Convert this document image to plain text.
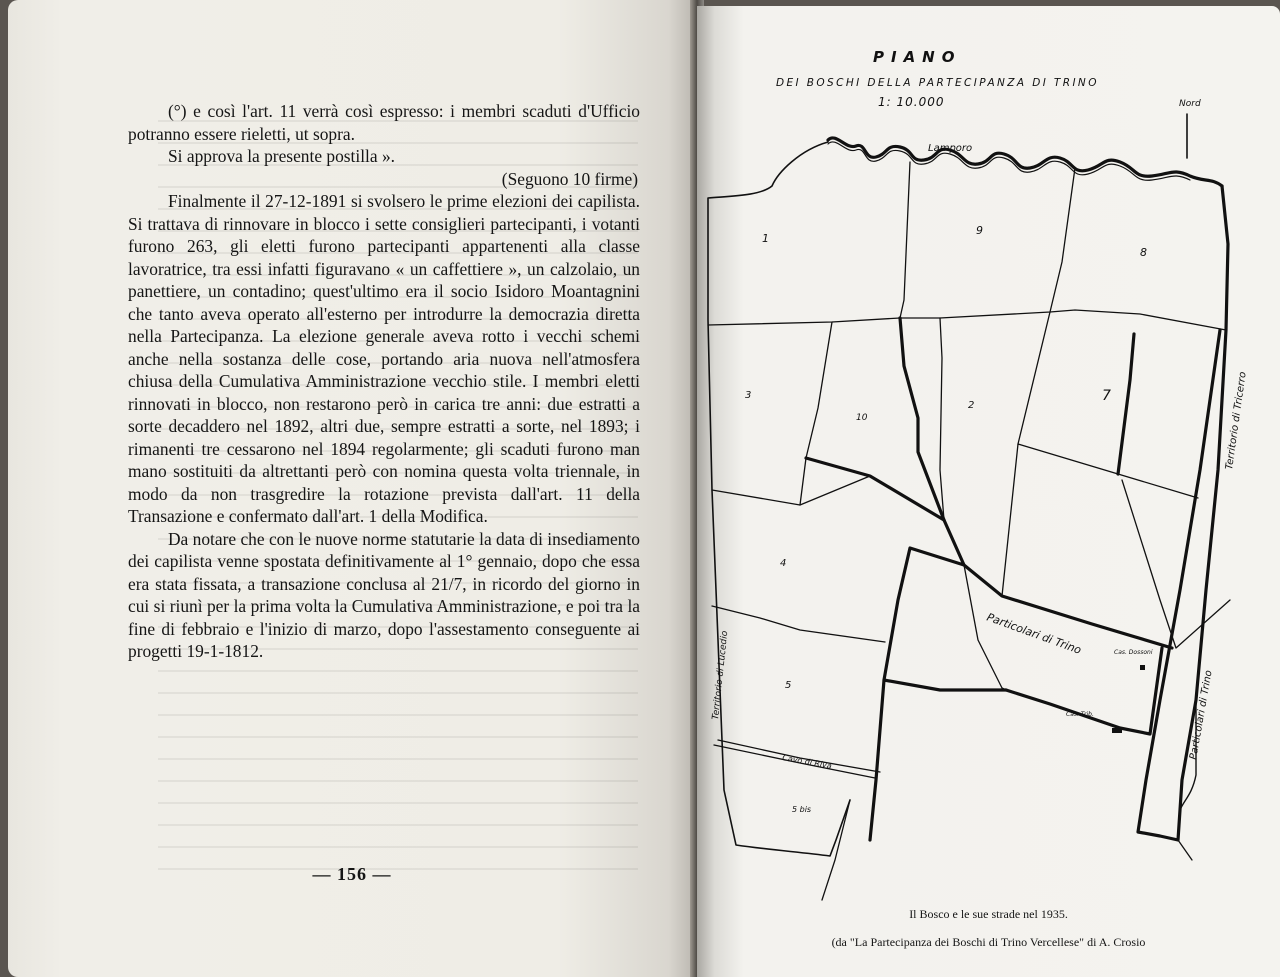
(°) e così l'art. 11 verrà così espresso: i membri scaduti d'Ufficio potranno essere rieletti, ut sopra.

Si approva la presente postilla ».

(Seguono 10 firme)

Finalmente il 27-12-1891 si svolsero le prime elezioni dei capilista. Si trattava di rinnovare in blocco i sette consiglieri partecipanti, i votanti furono 263, gli eletti furono partecipanti appartenenti alla classe lavoratrice, tra essi infatti figuravano « un caffettiere », un calzolaio, un panettiere, un contadino; quest'ultimo era il socio Isidoro Moantagnini che tanto aveva operato all'esterno per introdurre la democrazia diretta nella Partecipanza. La elezione generale aveva rotto i vecchi schemi anche nella sostanza delle cose, portando aria nuova nell'atmosfera chiusa della Cumulativa Amministrazione vecchio stile. I membri eletti rinnovati in blocco, non restarono però in carica tre anni: due estratti a sorte decaddero nel 1892, altri due, sempre estratti a sorte, nel 1893; i rimanenti tre cessarono nel 1894 regolarmente; gli scaduti furono man mano sostituiti da altrettanti però con nomina questa volta triennale, in modo da non trasgredire la rotazione prevista dall'art. 11 della Transazione e confermato dall'art. 1 della Modifica.

Da notare che con le nuove norme statutarie la data di insediamento dei capilista venne spostata definitivamente al 1° gennaio, dopo che essa era stata fissata, a transazione conclusa al 21/7, in ricordo del giorno in cui si riunì per la prima volta la Cumulativa Amministrazione, e poi tra la fine di febbraio e l'inizio di marzo, dopo l'assestamento conseguente ai progetti 19-1-1812.

— 156 —
PIANO
DEI BOSCHI DELLA PARTECIPANZA DI TRINO
1: 10.000	Nord
Lamporo
1
9
8
3
10
2
7
4
5
5 bis
Cavo di Riva
Territorio di Tricerro
Particolari di Trino
Territorio di Lucedio	Particolari di Trino	Cas. Dossoni
Cas. Trib.
Il Bosco e le sue strade nel 1935.
(da "La Partecipanza dei Boschi di Trino Vercellese" di A. Crosio
